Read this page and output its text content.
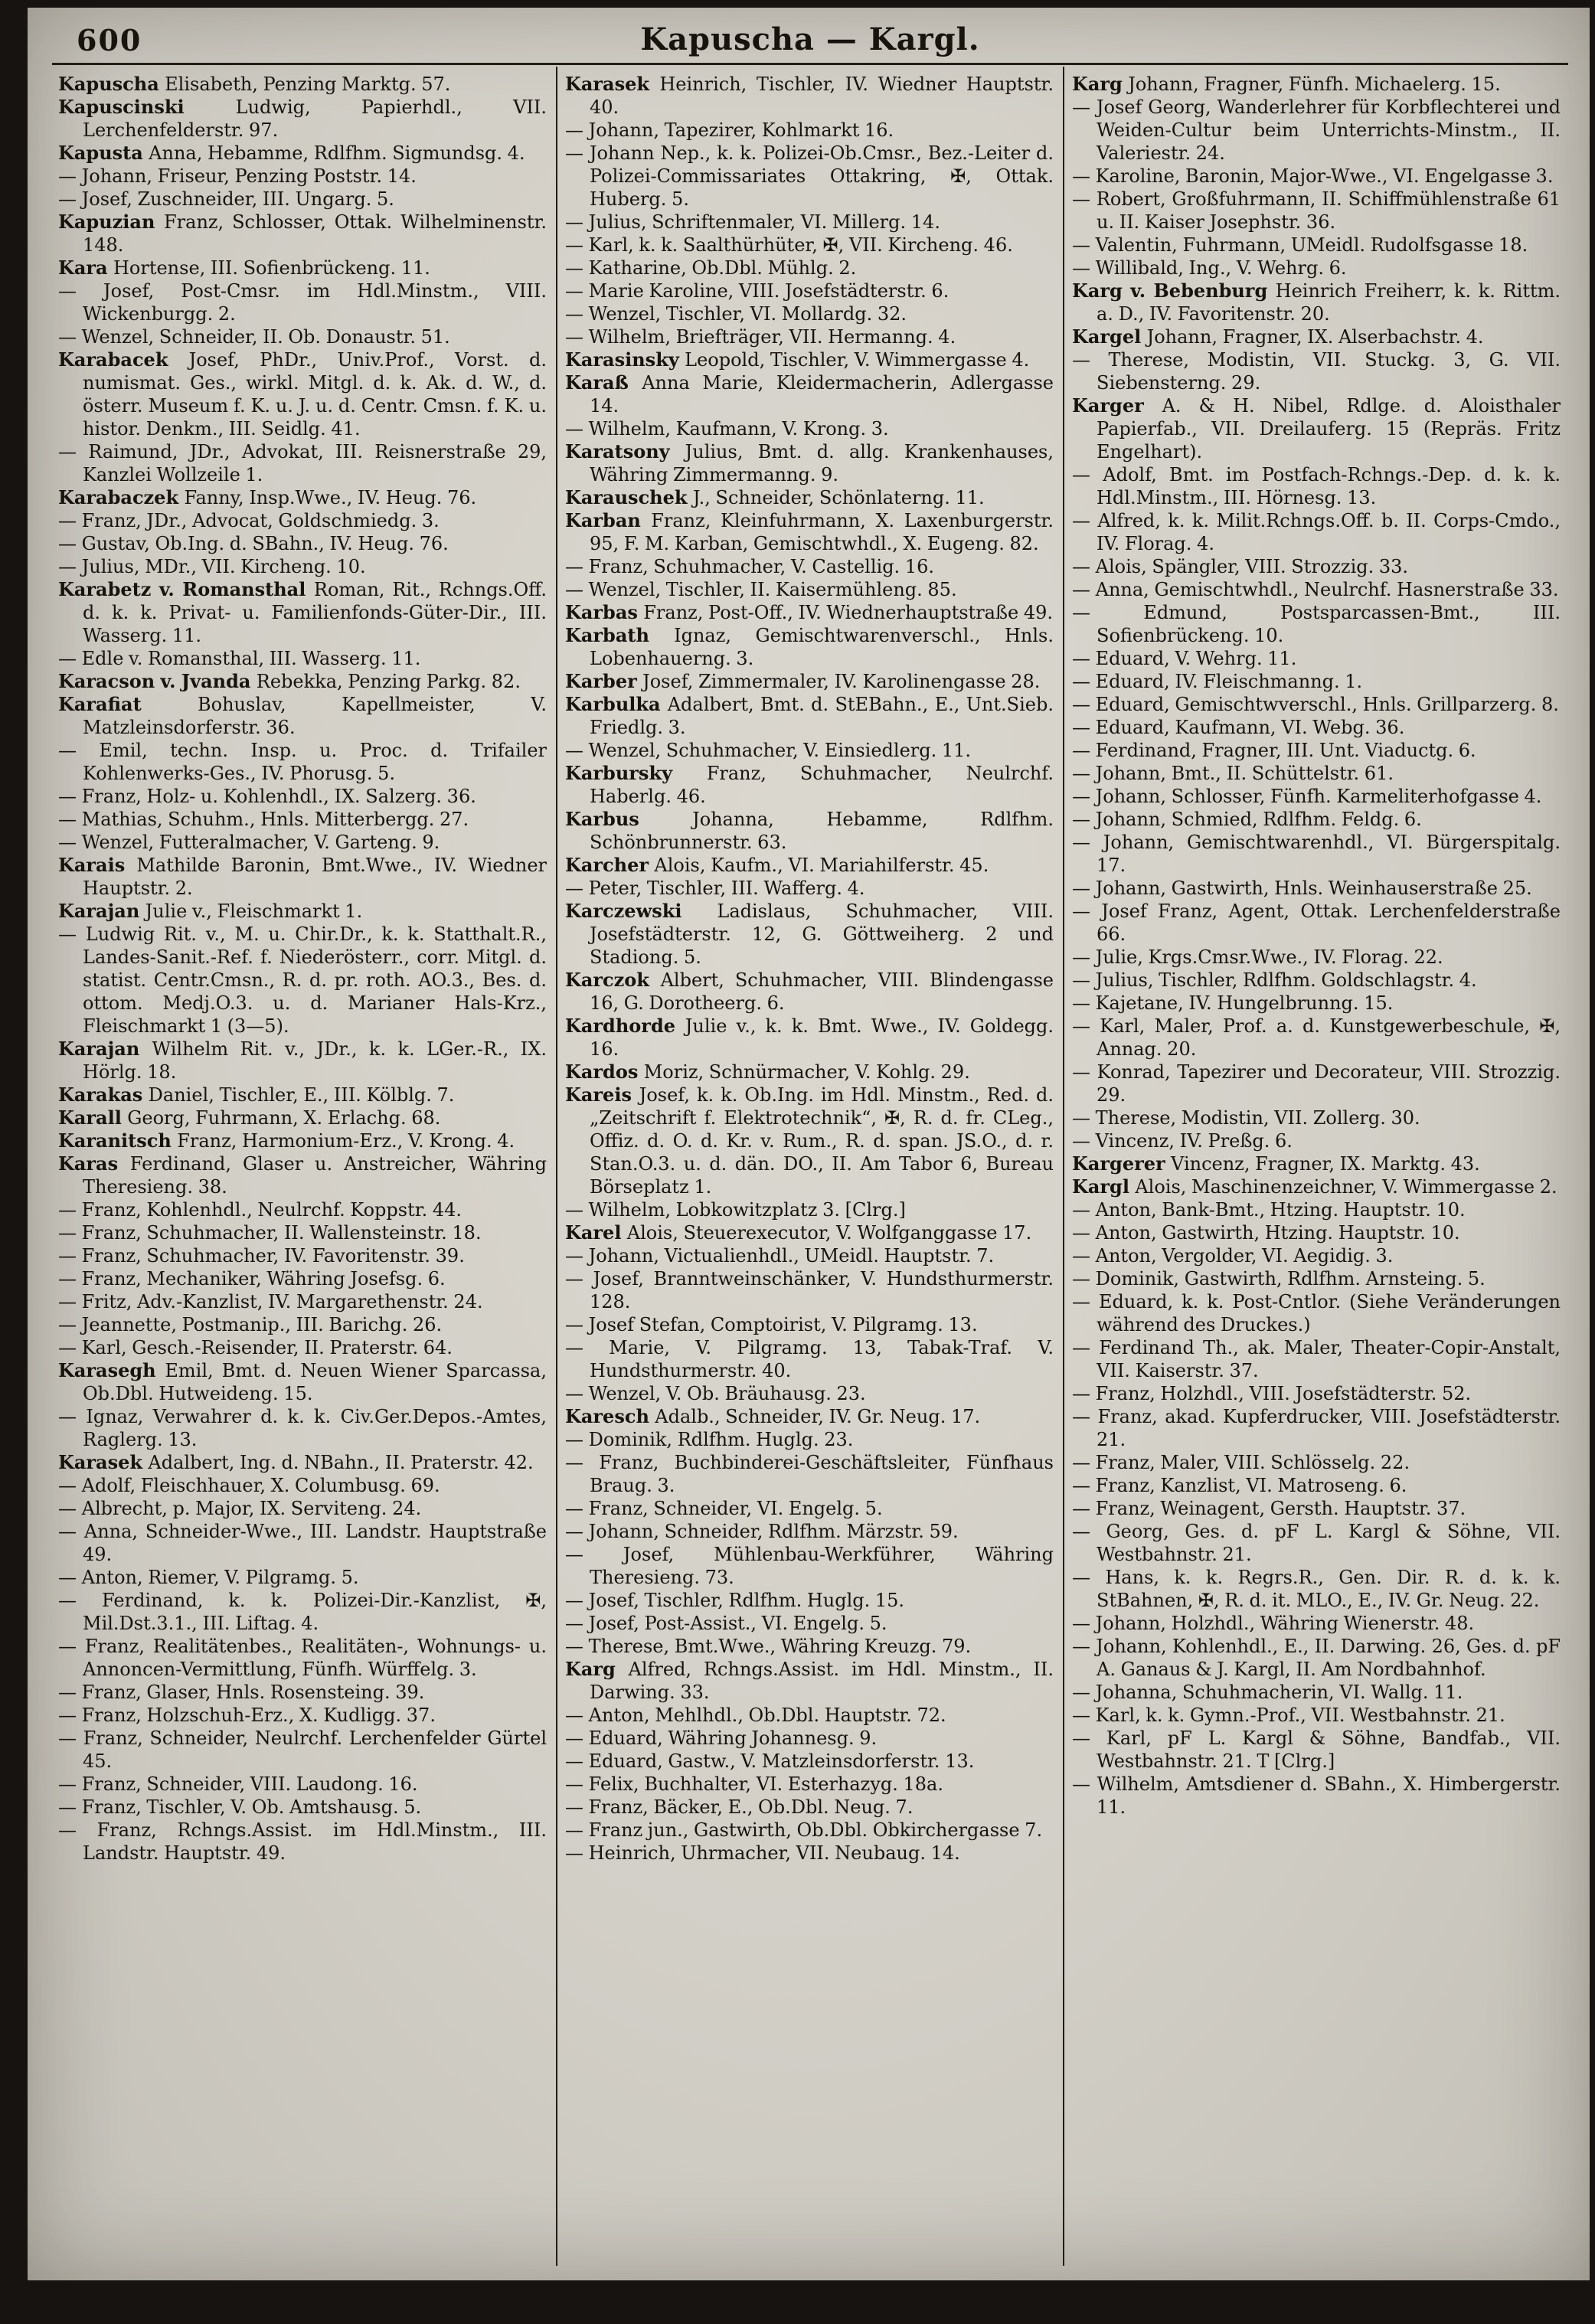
600	Kapuscha — Kargl.

Kapuscha Elisabeth, Penzing Marktg. 57.

Kapuscinski Ludwig, Papierhdl., VII. Lerchenfelderstr. 97.

Kapusta Anna, Hebamme, Rdlfhm. Sigmundsg. 4.

— Johann, Friseur, Penzing Poststr. 14.

— Josef, Zuschneider, III. Ungarg. 5.

Kapuzian Franz, Schlosser, Ottak. Wilhelminenstr. 148.

Kara Hortense, III. Sofienbrückeng. 11.

— Josef, Post-Cmsr. im Hdl.Minstm., VIII. Wickenburgg. 2.

— Wenzel, Schneider, II. Ob. Donaustr. 51.

Karabacek Josef, PhDr., Univ.Prof., Vorst. d. numismat. Ges., wirkl. Mitgl. d. k. Ak. d. W., d. österr. Museum f. K. u. J. u. d. Centr. Cmsn. f. K. u. histor. Denkm., III. Seidlg. 41.

— Raimund, JDr., Advokat, III. Reisnerstraße 29, Kanzlei Wollzeile 1.

Karabaczek Fanny, Insp.Wwe., IV. Heug. 76.

— Franz, JDr., Advocat, Goldschmiedg. 3.

— Gustav, Ob.Ing. d. SBahn., IV. Heug. 76.

— Julius, MDr., VII. Kircheng. 10.

Karabetz v. Romansthal Roman, Rit., Rchngs.Off. d. k. k. Privat- u. Familienfonds-Güter-Dir., III. Wasserg. 11.

— Edle v. Romansthal, III. Wasserg. 11.

Karacson v. Jvanda Rebekka, Penzing Parkg. 82.

Karafiat Bohuslav, Kapellmeister, V. Matzleinsdorferstr. 36.

— Emil, techn. Insp. u. Proc. d. Trifailer Kohlenwerks-Ges., IV. Phorusg. 5.

— Franz, Holz- u. Kohlenhdl., IX. Salzerg. 36.

— Mathias, Schuhm., Hnls. Mitterbergg. 27.

— Wenzel, Futteralmacher, V. Garteng. 9.

Karais Mathilde Baronin, Bmt.Wwe., IV. Wiedner Hauptstr. 2.

Karajan Julie v., Fleischmarkt 1.

— Ludwig Rit. v., M. u. Chir.Dr., k. k. Statthalt.R., Landes-Sanit.-Ref. f. Niederösterr., corr. Mitgl. d. statist. Centr.Cmsn., R. d. pr. roth. AO.3., Bes. d. ottom. Medj.O.3. u. d. Marianer Hals-Krz., Fleischmarkt 1 (3—5).

Karajan Wilhelm Rit. v., JDr., k. k. LGer.-R., IX. Hörlg. 18.

Karakas Daniel, Tischler, E., III. Kölblg. 7.

Karall Georg, Fuhrmann, X. Erlachg. 68.

Karanitsch Franz, Harmonium-Erz., V. Krong. 4.

Karas Ferdinand, Glaser u. Anstreicher, Währing Theresieng. 38.

— Franz, Kohlenhdl., Neulrchf. Koppstr. 44.

— Franz, Schuhmacher, II. Wallensteinstr. 18.

— Franz, Schuhmacher, IV. Favoritenstr. 39.

— Franz, Mechaniker, Währing Josefsg. 6.

— Fritz, Adv.-Kanzlist, IV. Margarethenstr. 24.

— Jeannette, Postmanip., III. Barichg. 26.

— Karl, Gesch.-Reisender, II. Praterstr. 64.

Karasegh Emil, Bmt. d. Neuen Wiener Sparcassa, Ob.Dbl. Hutweideng. 15.

— Ignaz, Verwahrer d. k. k. Civ.Ger.Depos.-Amtes, Raglerg. 13.

Karasek Adalbert, Ing. d. NBahn., II. Praterstr. 42.

— Adolf, Fleischhauer, X. Columbusg. 69.

— Albrecht, p. Major, IX. Serviteng. 24.

— Anna, Schneider-Wwe., III. Landstr. Hauptstraße 49.

— Anton, Riemer, V. Pilgramg. 5.

— Ferdinand, k. k. Polizei-Dir.-Kanzlist, ✠, Mil.Dst.3.1., III. Liftag. 4.

— Franz, Realitätenbes., Realitäten-, Wohnungs- u. Annoncen-Vermittlung, Fünfh. Würffelg. 3.

— Franz, Glaser, Hnls. Rosensteing. 39.

— Franz, Holzschuh-Erz., X. Kudligg. 37.

— Franz, Schneider, Neulrchf. Lerchenfelder Gürtel 45.

— Franz, Schneider, VIII. Laudong. 16.

— Franz, Tischler, V. Ob. Amtshausg. 5.

— Franz, Rchngs.Assist. im Hdl.Minstm., III. Landstr. Hauptstr. 49.

Karasek Heinrich, Tischler, IV. Wiedner Hauptstr. 40.

— Johann, Tapezirer, Kohlmarkt 16.

— Johann Nep., k. k. Polizei-Ob.Cmsr., Bez.-Leiter d. Polizei-Commissariates Ottakring, ✠, Ottak. Huberg. 5.

— Julius, Schriftenmaler, VI. Millerg. 14.

— Karl, k. k. Saalthürhüter, ✠, VII. Kircheng. 46.

— Katharine, Ob.Dbl. Mühlg. 2.

— Marie Karoline, VIII. Josefstädterstr. 6.

— Wenzel, Tischler, VI. Mollardg. 32.

— Wilhelm, Briefträger, VII. Hermanng. 4.

Karasinsky Leopold, Tischler, V. Wimmergasse 4.

Karaß Anna Marie, Kleidermacherin, Adlergasse 14.

— Wilhelm, Kaufmann, V. Krong. 3.

Karatsony Julius, Bmt. d. allg. Krankenhauses, Währing Zimmermanng. 9.

Karauschek J., Schneider, Schönlaterng. 11.

Karban Franz, Kleinfuhrmann, X. Laxenburgerstr. 95, F. M. Karban, Gemischtwhdl., X. Eugeng. 82.

— Franz, Schuhmacher, V. Castellig. 16.

— Wenzel, Tischler, II. Kaisermühleng. 85.

Karbas Franz, Post-Off., IV. Wiednerhauptstraße 49.

Karbath Ignaz, Gemischtwarenverschl., Hnls. Lobenhauerng. 3.

Karber Josef, Zimmermaler, IV. Karolinengasse 28.

Karbulka Adalbert, Bmt. d. StEBahn., E., Unt.Sieb. Friedlg. 3.

— Wenzel, Schuhmacher, V. Einsiedlerg. 11.

Karbursky Franz, Schuhmacher, Neulrchf. Haberlg. 46.

Karbus Johanna, Hebamme, Rdlfhm. Schönbrunnerstr. 63.

Karcher Alois, Kaufm., VI. Mariahilferstr. 45.

— Peter, Tischler, III. Wafferg. 4.

Karczewski Ladislaus, Schuhmacher, VIII. Josefstädterstr. 12, G. Göttweiherg. 2 und Stadiong. 5.

Karczok Albert, Schuhmacher, VIII. Blindengasse 16, G. Dorotheerg. 6.

Kardhorde Julie v., k. k. Bmt. Wwe., IV. Goldegg. 16.

Kardos Moriz, Schnürmacher, V. Kohlg. 29.

Kareis Josef, k. k. Ob.Ing. im Hdl. Minstm., Red. d. „Zeitschrift f. Elektrotechnik“, ✠, R. d. fr. CLeg., Offiz. d. O. d. Kr. v. Rum., R. d. span. JS.O., d. r. Stan.O.3. u. d. dän. DO., II. Am Tabor 6, Bureau Börseplatz 1.

— Wilhelm, Lobkowitzplatz 3. [Clrg.]

Karel Alois, Steuerexecutor, V. Wolfganggasse 17.

— Johann, Victualienhdl., UMeidl. Hauptstr. 7.

— Josef, Branntweinschänker, V. Hundsthurmerstr. 128.

— Josef Stefan, Comptoirist, V. Pilgramg. 13.

— Marie, V. Pilgramg. 13, Tabak-Traf. V. Hundsthurmerstr. 40.

— Wenzel, V. Ob. Bräuhausg. 23.

Karesch Adalb., Schneider, IV. Gr. Neug. 17.

— Dominik, Rdlfhm. Huglg. 23.

— Franz, Buchbinderei-Geschäftsleiter, Fünfhaus Braug. 3.

— Franz, Schneider, VI. Engelg. 5.

— Johann, Schneider, Rdlfhm. Märzstr. 59.

— Josef, Mühlenbau-Werkführer, Währing Theresieng. 73.

— Josef, Tischler, Rdlfhm. Huglg. 15.

— Josef, Post-Assist., VI. Engelg. 5.

— Therese, Bmt.Wwe., Währing Kreuzg. 79.

Karg Alfred, Rchngs.Assist. im Hdl. Minstm., II. Darwing. 33.

— Anton, Mehlhdl., Ob.Dbl. Hauptstr. 72.

— Eduard, Währing Johannesg. 9.

— Eduard, Gastw., V. Matzleinsdorferstr. 13.

— Felix, Buchhalter, VI. Esterhazyg. 18a.

— Franz, Bäcker, E., Ob.Dbl. Neug. 7.

— Franz jun., Gastwirth, Ob.Dbl. Obkirchergasse 7.

— Heinrich, Uhrmacher, VII. Neubaug. 14.

Karg Johann, Fragner, Fünfh. Michaelerg. 15.

— Josef Georg, Wanderlehrer für Korbflechterei und Weiden-Cultur beim Unterrichts-Minstm., II. Valeriestr. 24.

— Karoline, Baronin, Major-Wwe., VI. Engelgasse 3.

— Robert, Großfuhrmann, II. Schiffmühlenstraße 61 u. II. Kaiser Josephstr. 36.

— Valentin, Fuhrmann, UMeidl. Rudolfsgasse 18.

— Willibald, Ing., V. Wehrg. 6.

Karg v. Bebenburg Heinrich Freiherr, k. k. Rittm. a. D., IV. Favoritenstr. 20.

Kargel Johann, Fragner, IX. Alserbachstr. 4.

— Therese, Modistin, VII. Stuckg. 3, G. VII. Siebensterng. 29.

Karger A. & H. Nibel, Rdlge. d. Aloisthaler Papierfab., VII. Dreilauferg. 15 (Repräs. Fritz Engelhart).

— Adolf, Bmt. im Postfach-Rchngs.-Dep. d. k. k. Hdl.Minstm., III. Hörnesg. 13.

— Alfred, k. k. Milit.Rchngs.Off. b. II. Corps-Cmdo., IV. Florag. 4.

— Alois, Spängler, VIII. Strozzig. 33.

— Anna, Gemischtwhdl., Neulrchf. Hasnerstraße 33.

— Edmund, Postsparcassen-Bmt., III. Sofienbrückeng. 10.

— Eduard, V. Wehrg. 11.

— Eduard, IV. Fleischmanng. 1.

— Eduard, Gemischtwverschl., Hnls. Grillparzerg. 8.

— Eduard, Kaufmann, VI. Webg. 36.

— Ferdinand, Fragner, III. Unt. Viaductg. 6.

— Johann, Bmt., II. Schüttelstr. 61.

— Johann, Schlosser, Fünfh. Karmeliterhofgasse 4.

— Johann, Schmied, Rdlfhm. Feldg. 6.

— Johann, Gemischtwarenhdl., VI. Bürgerspitalg. 17.

— Johann, Gastwirth, Hnls. Weinhauserstraße 25.

— Josef Franz, Agent, Ottak. Lerchenfelderstraße 66.

— Julie, Krgs.Cmsr.Wwe., IV. Florag. 22.

— Julius, Tischler, Rdlfhm. Goldschlagstr. 4.

— Kajetane, IV. Hungelbrunng. 15.

— Karl, Maler, Prof. a. d. Kunstgewerbeschule, ✠, Annag. 20.

— Konrad, Tapezirer und Decorateur, VIII. Strozzig. 29.

— Therese, Modistin, VII. Zollerg. 30.

— Vincenz, IV. Preßg. 6.

Kargerer Vincenz, Fragner, IX. Marktg. 43.

Kargl Alois, Maschinenzeichner, V. Wimmergasse 2.

— Anton, Bank-Bmt., Htzing. Hauptstr. 10.

— Anton, Gastwirth, Htzing. Hauptstr. 10.

— Anton, Vergolder, VI. Aegidig. 3.

— Dominik, Gastwirth, Rdlfhm. Arnsteing. 5.

— Eduard, k. k. Post-Cntlor. (Siehe Veränderungen während des Druckes.)

— Ferdinand Th., ak. Maler, Theater-Copir-Anstalt, VII. Kaiserstr. 37.

— Franz, Holzhdl., VIII. Josefstädterstr. 52.

— Franz, akad. Kupferdrucker, VIII. Josefstädterstr. 21.

— Franz, Maler, VIII. Schlösselg. 22.

— Franz, Kanzlist, VI. Matroseng. 6.

— Franz, Weinagent, Gersth. Hauptstr. 37.

— Georg, Ges. d. pF L. Kargl & Söhne, VII. Westbahnstr. 21.

— Hans, k. k. Regrs.R., Gen. Dir. R. d. k. k. StBahnen, ✠, R. d. it. MLO., E., IV. Gr. Neug. 22.

— Johann, Holzhdl., Währing Wienerstr. 48.

— Johann, Kohlenhdl., E., II. Darwing. 26, Ges. d. pF A. Ganaus & J. Kargl, II. Am Nordbahnhof.

— Johanna, Schuhmacherin, VI. Wallg. 11.

— Karl, k. k. Gymn.-Prof., VII. Westbahnstr. 21.

— Karl, pF L. Kargl & Söhne, Bandfab., VII. Westbahnstr. 21. T [Clrg.]

— Wilhelm, Amtsdiener d. SBahn., X. Himbergerstr. 11.
